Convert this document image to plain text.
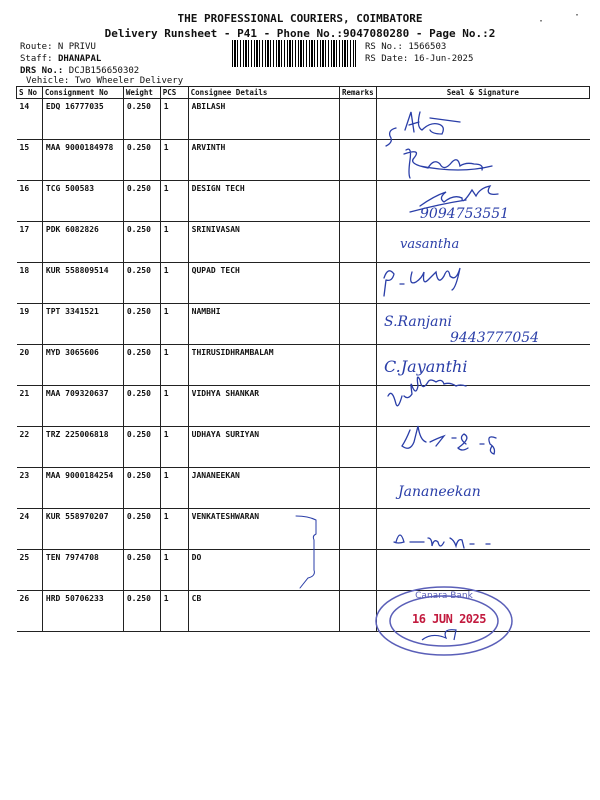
THE PROFESSIONAL COURIERS, COIMBATORE
Delivery Runsheet - P41 - Phone No.:9047080280 - Page No.:2
Route: N PRIVU
Staff: DHANAPAL
DRS No.: DCJB156650302
Vehicle: Two Wheeler Delivery
RS No.: 1566503
RS Date: 16-Jun-2025
·
·
S No	Consignment No	Weight	PCS	Consignee Details	Remarks	Seal & Signature
14	EDQ 16777035	0.250	1	ABILASH		
15	MAA 9000184978	0.250	1	ARVINTH		
16	TCG 500583	0.250	1	DESIGN TECH		
17	PDK 6082826	0.250	1	SRINIVASAN		
18	KUR 558809514	0.250	1	QUPAD TECH		
19	TPT 3341521	0.250	1	NAMBHI		
20	MYD 3065606	0.250	1	THIRUSIDHRAMBALAM		
21	MAA 709320637	0.250	1	VIDHYA SHANKAR		
22	TRZ 225006818	0.250	1	UDHAYA SURIYAN		
23	MAA 9000184254	0.250	1	JANANEEKAN		
24	KUR 558970207	0.250	1	VENKATESHWARAN		
25	TEN 7974708	0.250	1	DO		
26	HRD 50706233	0.250	1	CB		
9094753551
vasantha
S.Ranjani
9443777054
C.Jayanthi
Jananeekan
Canara Bank
16 JUN 2025
